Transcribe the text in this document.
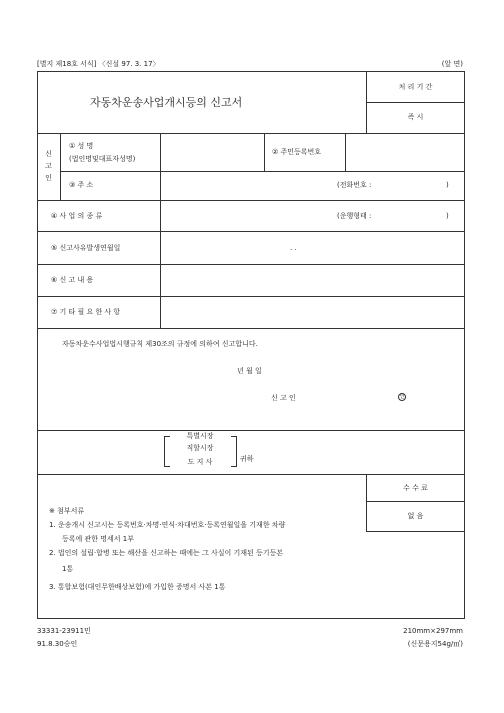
[별지 제18호 서식] 〈신설 97. 3. 17〉	(앞 면)
자동차운송사업개시등의 신고서
처 리 기 간
즉 시
신
고
인
① 성 명
(법인명및대표자성명)
② 주민등록번호
③ 주 소	(전화번호 :	)
④ 사 업 의 종 류	(운행형태 :	)
⑤ 신고사유발생연월일	. .
⑥ 신 고 내 용
⑦ 기 타 필 요 한 사 항
자동차운수사업법시행규칙 제30조의 규정에 의하여 신고합니다.
년 월 일
신 고 인	인
특별시장
직할시장
도 지 사	귀하
※ 첨부서류
1. 운송개시 신고시는 등록번호·차명·연식·차대번호·등록연월일을 기재한 차량
등록에 관한 명세서 1부
2. 법인의 설립·합병 또는 해산을 신고하는 때에는 그 사실이 기재된 등기등본
1통
3. 통합보험(대인무한배상보험)에 가입한 증명서 사본 1통
수 수 료
없 음
33331-23911민
91.8.30승인
210mm×297mm
(신문용지54g/㎡)
